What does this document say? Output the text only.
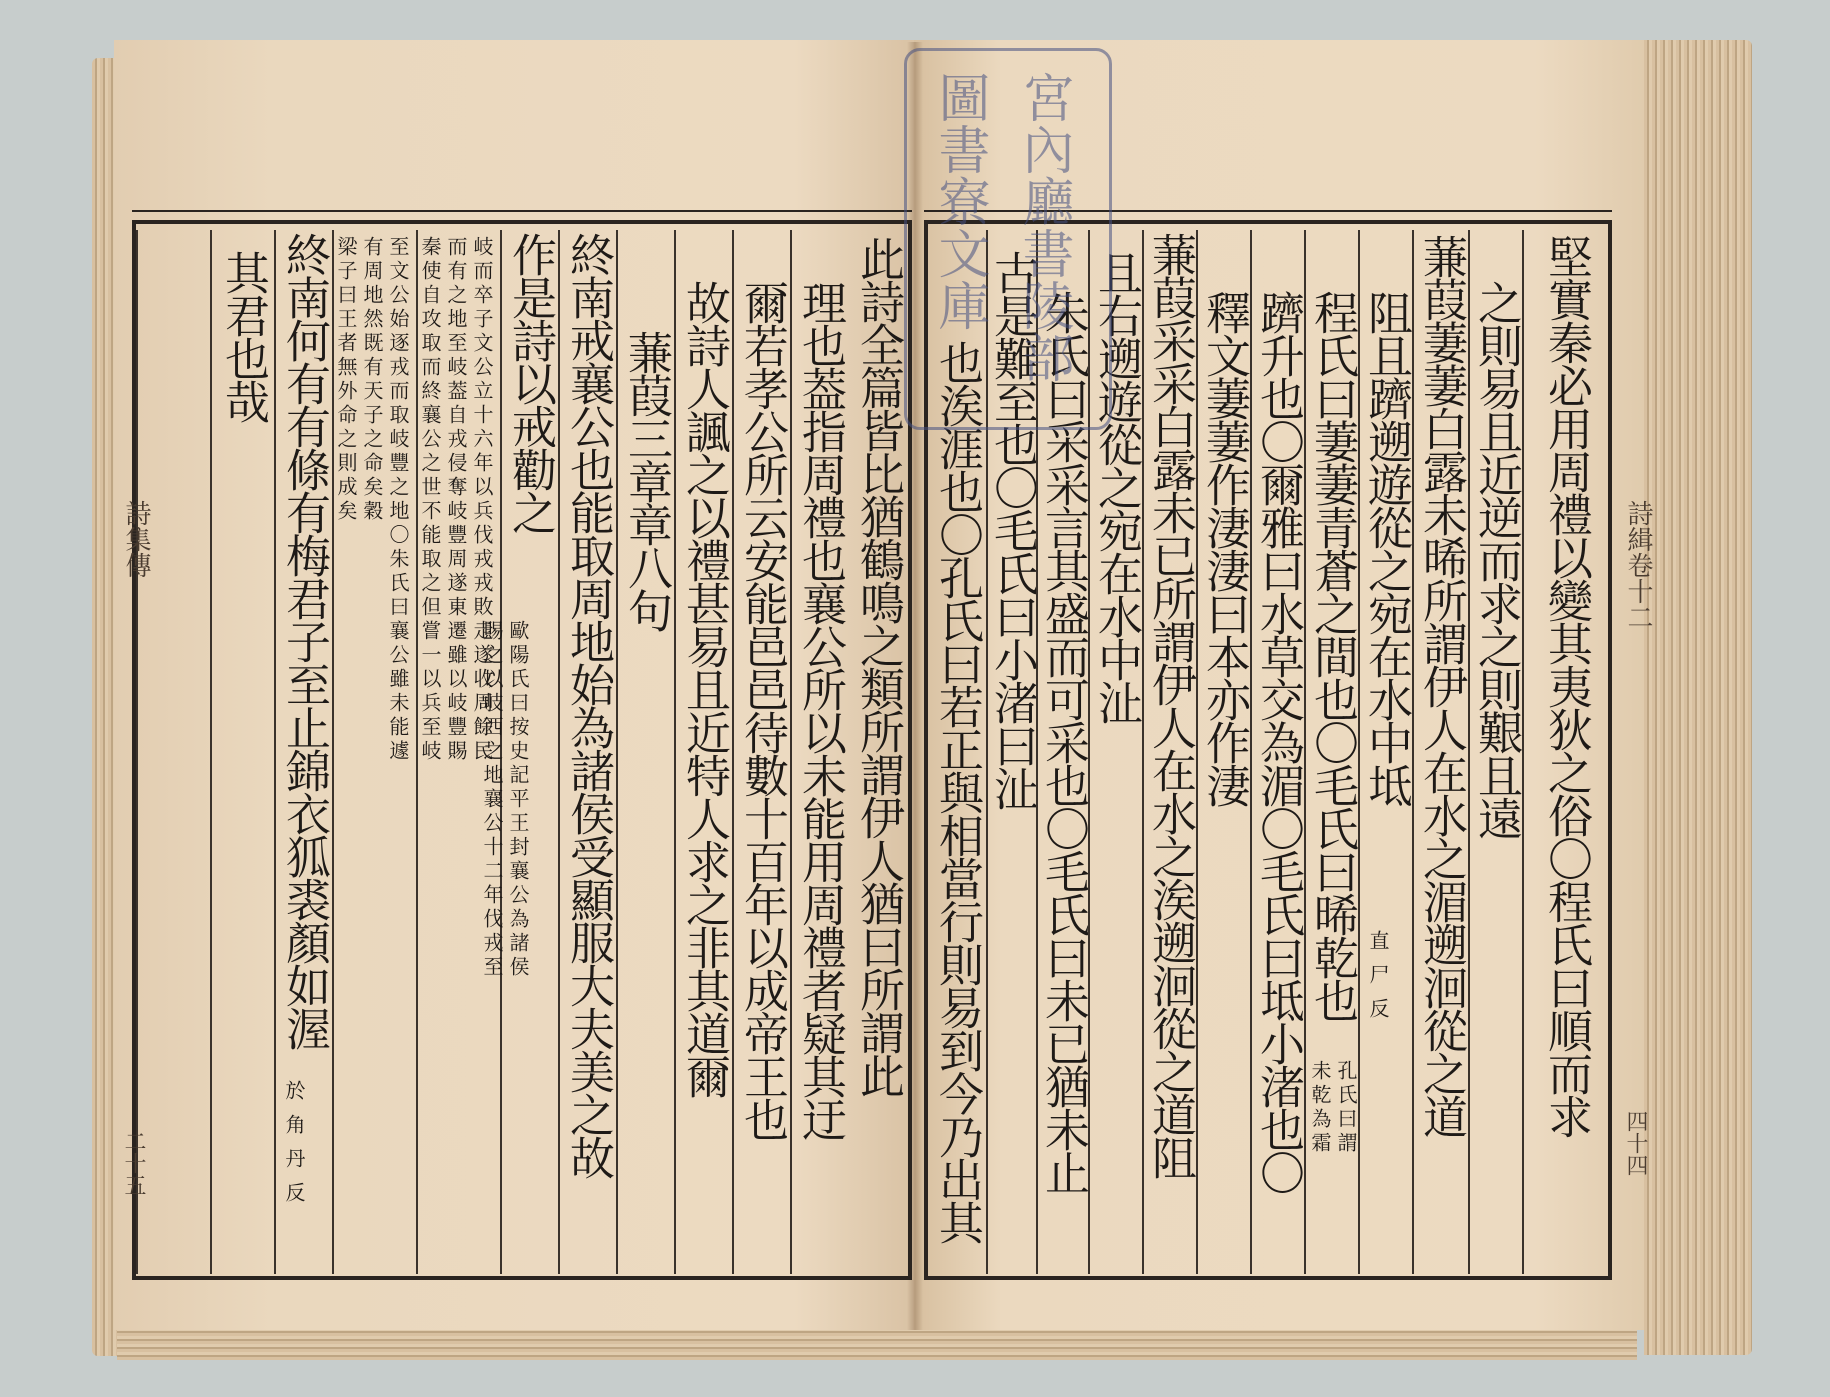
此詩全篇皆比猶鶴鳴之類所謂伊人猶曰所謂此
理也葢指周禮也襄公所以未能用周禮者疑其迂
爾若孝公所云安能邑邑待數十百年以成帝王也
故詩人諷之以禮甚易且近特人求之非其道爾
蒹葭三章章八句
終南戒襄公也能取周地始為諸侯受顯服大夫美之故
作是詩以戒勸之
歐陽氏曰按史記平王封襄公為諸侯
賜之以岐西之地襄公十二年伐戎至
岐而卒子文公立十六年以兵伐戎戎敗走遂收周餘民
而有之地至岐葢自戎侵奪岐豐周遂東遷雖以岐豐賜
秦使自攻取而終襄公之世不能取之但嘗一以兵至岐
至文公始逐戎而取岐豐之地〇朱氏曰襄公雖未能遽
有周地然既有天子之命矣穀
梁子曰王者無外命之則成矣
終南何有有條有梅君子至止錦衣狐裘顏如渥
於角丹反
其君也哉
也涘涯也〇孔氏曰若正與相當行則易到今乃出其 古是難至也〇毛氏曰小渚曰沚
朱氏曰采采言其盛而可采也〇毛氏曰未已猶未止 且右遡遊從之宛在水中沚 蒹葭采采白露未已所謂伊人在水之涘遡洄從之道阻 釋文萋萋作淒淒曰本亦作淒 躋升也〇爾雅曰水草交為湄〇毛氏曰坻小渚也〇 程氏曰萋萋青蒼之間也〇毛氏曰晞乾也
未乾為霜 孔氏曰謂
阻且躋遡遊從之宛在水中坻
直尸反 蒹葭萋萋白露未晞所謂伊人在水之湄遡洄從之道 之則易且近逆而求之則艱且遠 堅實秦必用周禮以變其夷狄之俗〇程氏曰順而求
詩集傳
二十五
詩緝卷十二
四十四
宮內廳書陵部
圖書寮文庫
